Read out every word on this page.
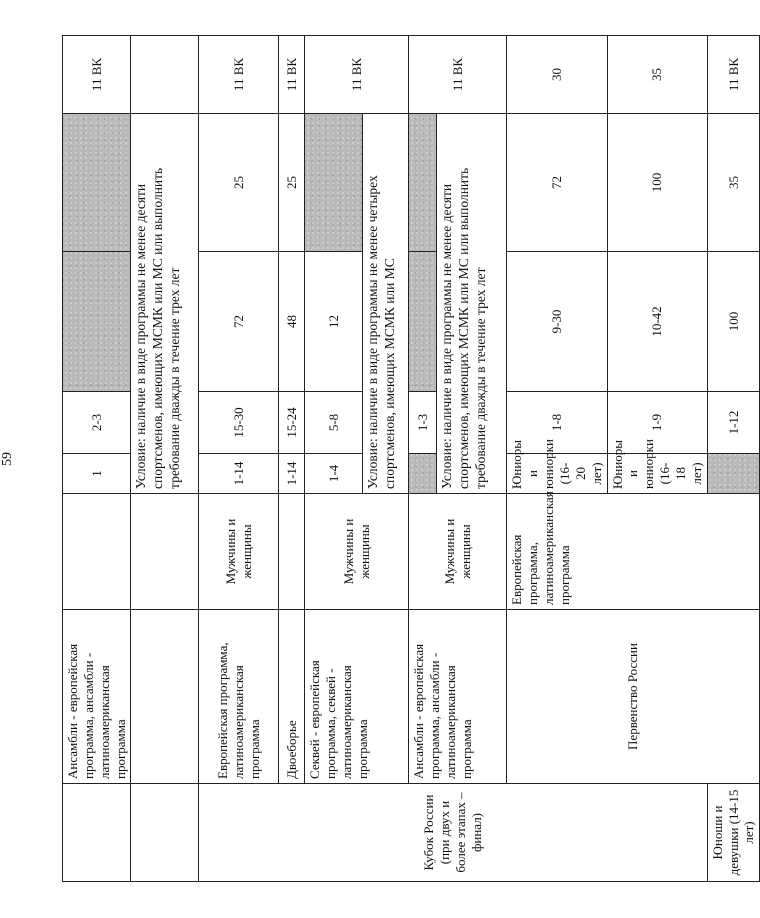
59
	Ансамбли - европейская программа, ансамбли - латиноамериканская программа		1	2-3			11 ВК	
			Условие: наличие в виде программы не менее десяти спортсменов, имеющих МСМК или МС или выполнить требование дважды в течение трех лет					
Кубок России (при двух и более этапах – финал)	Европейская программа, латиноамериканская программа	Мужчины и женщины	1-14	15-30	72	25	11 ВК	
	Двоеборье		1-14	15-24	48	25	11 ВК	
	Секвей - европейская программа, секвей - латиноамериканская программа	Мужчины и женщины	1-4	5-8	12		11 ВК	
			Условие: наличие в виде программы не менее четырех спортсменов, имеющих МСМК или МС					
	Ансамбли - европейская программа, ансамбли - латиноамериканская программа	Мужчины и женщины		1-3			11 ВК	
			Условие: наличие в виде программы не менее десяти спортсменов, имеющих МСМК или МС или выполнить требование дважды в течение трех лет					
	Первенство России	Европейская программа, латиноамериканская программа	Юниоры и юниорки (16-20 лет)	1-8	9-30	72	30	
			Юниоры и юниорки (16-18 лет)	1-9	10-42	100	35	
Юноши и девушки (14-15 лет)				1-12	100	35	11 ВК	
